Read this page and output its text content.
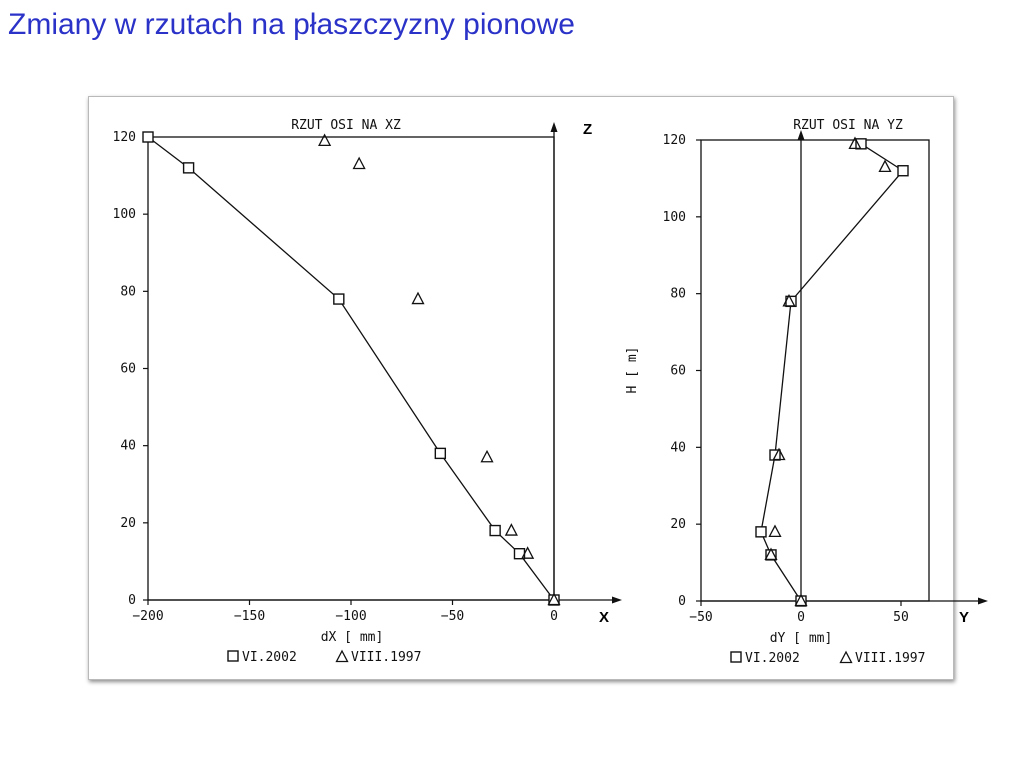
Zmiany w rzutach na płaszczyzny pionowe
Z
X	Y
−200	−150	−100	−50	0
0
20
40
60
80
100
120
RZUT OSI NA XZ
dX [ mm]
VI.2002	VIII.1997
−50	0	50
0
20
40
60
80
100
120
RZUT OSI NA YZ
dY [ mm]
H [ m]
VI.2002	VIII.1997
